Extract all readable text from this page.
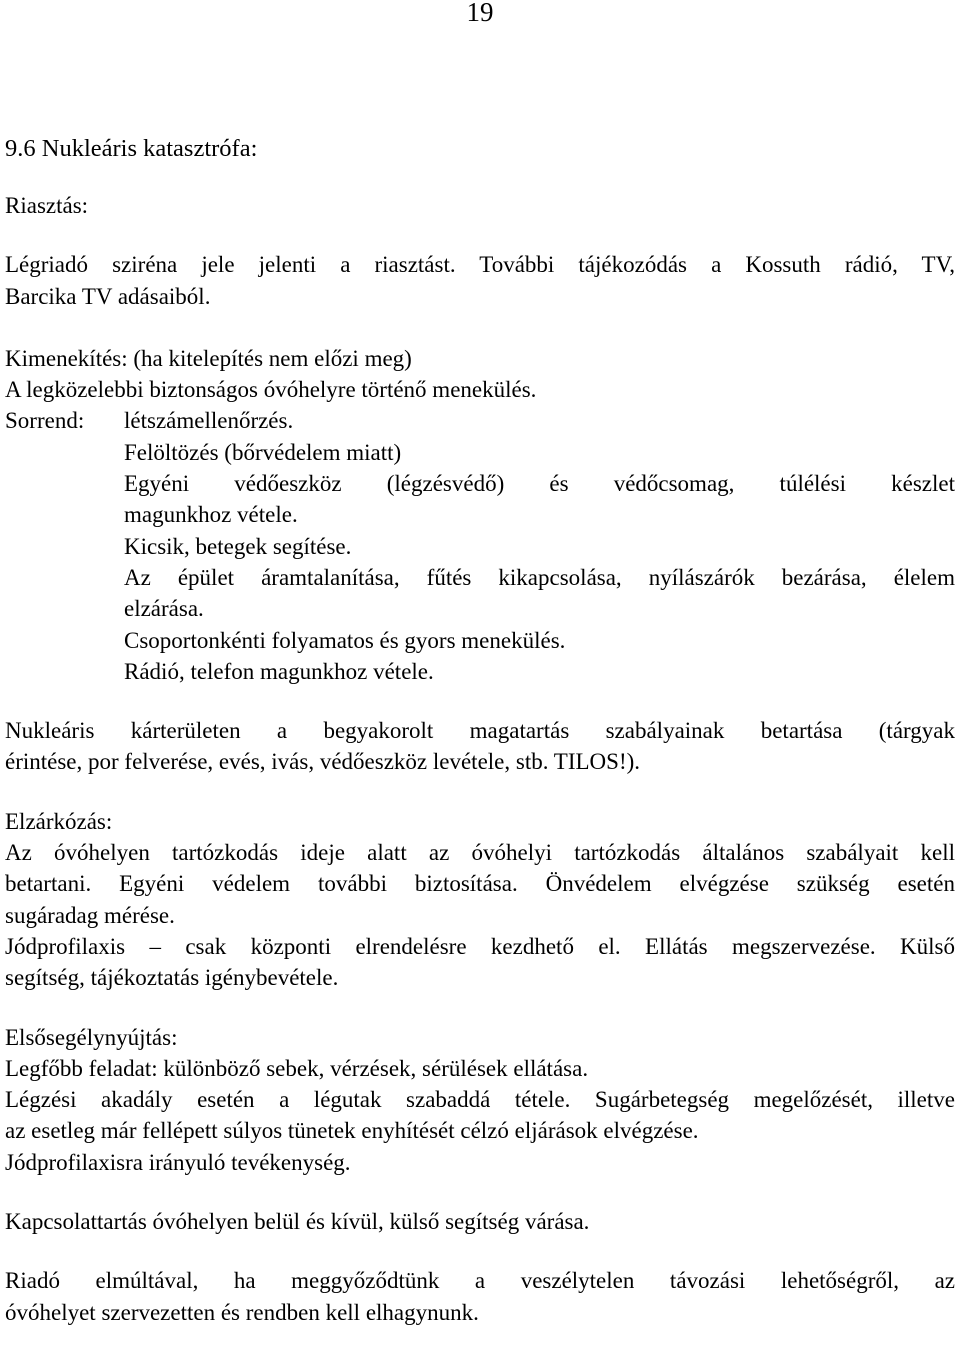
19
9.6 Nukleáris katasztrófa:
Riasztás:
Légriadó sziréna jele jelenti a riasztást. További tájékozódás a Kossuth rádió, TV,
Barcika TV adásaiból.
Kimenekítés: (ha kitelepítés nem előzi meg)
A legközelebbi biztonságos óvóhelyre történő menekülés.
Sorrend:	létszámellenőrzés.
Felöltözés (bőrvédelem miatt)
Egyéni védőeszköz (légzésvédő) és védőcsomag, túlélési készlet
magunkhoz vétele.
Kicsik, betegek segítése.
Az épület áramtalanítása, fűtés kikapcsolása, nyílászárók bezárása, élelem
elzárása.
Csoportonkénti folyamatos és gyors menekülés.
Rádió, telefon magunkhoz vétele.
Nukleáris kárterületen a begyakorolt magatartás szabályainak betartása (tárgyak
érintése, por felverése, evés, ivás, védőeszköz levétele, stb. TILOS!).
Elzárkózás:
Az óvóhelyen tartózkodás ideje alatt az óvóhelyi tartózkodás általános szabályait kell
betartani. Egyéni védelem további biztosítása. Önvédelem elvégzése szükség esetén
sugáradag mérése.
Jódprofilaxis – csak központi elrendelésre kezdhető el. Ellátás megszervezése. Külső
segítség, tájékoztatás igénybevétele.
Elsősegélynyújtás:
Legfőbb feladat: különböző sebek, vérzések, sérülések ellátása.
Légzési akadály esetén a légutak szabaddá tétele. Sugárbetegség megelőzését, illetve
az esetleg már fellépett súlyos tünetek enyhítését célzó eljárások elvégzése.
Jódprofilaxisra irányuló tevékenység.
Kapcsolattartás óvóhelyen belül és kívül, külső segítség várása.
Riadó elmúltával, ha meggyőződtünk a veszélytelen távozási lehetőségről, az
óvóhelyet szervezetten és rendben kell elhagynunk.
